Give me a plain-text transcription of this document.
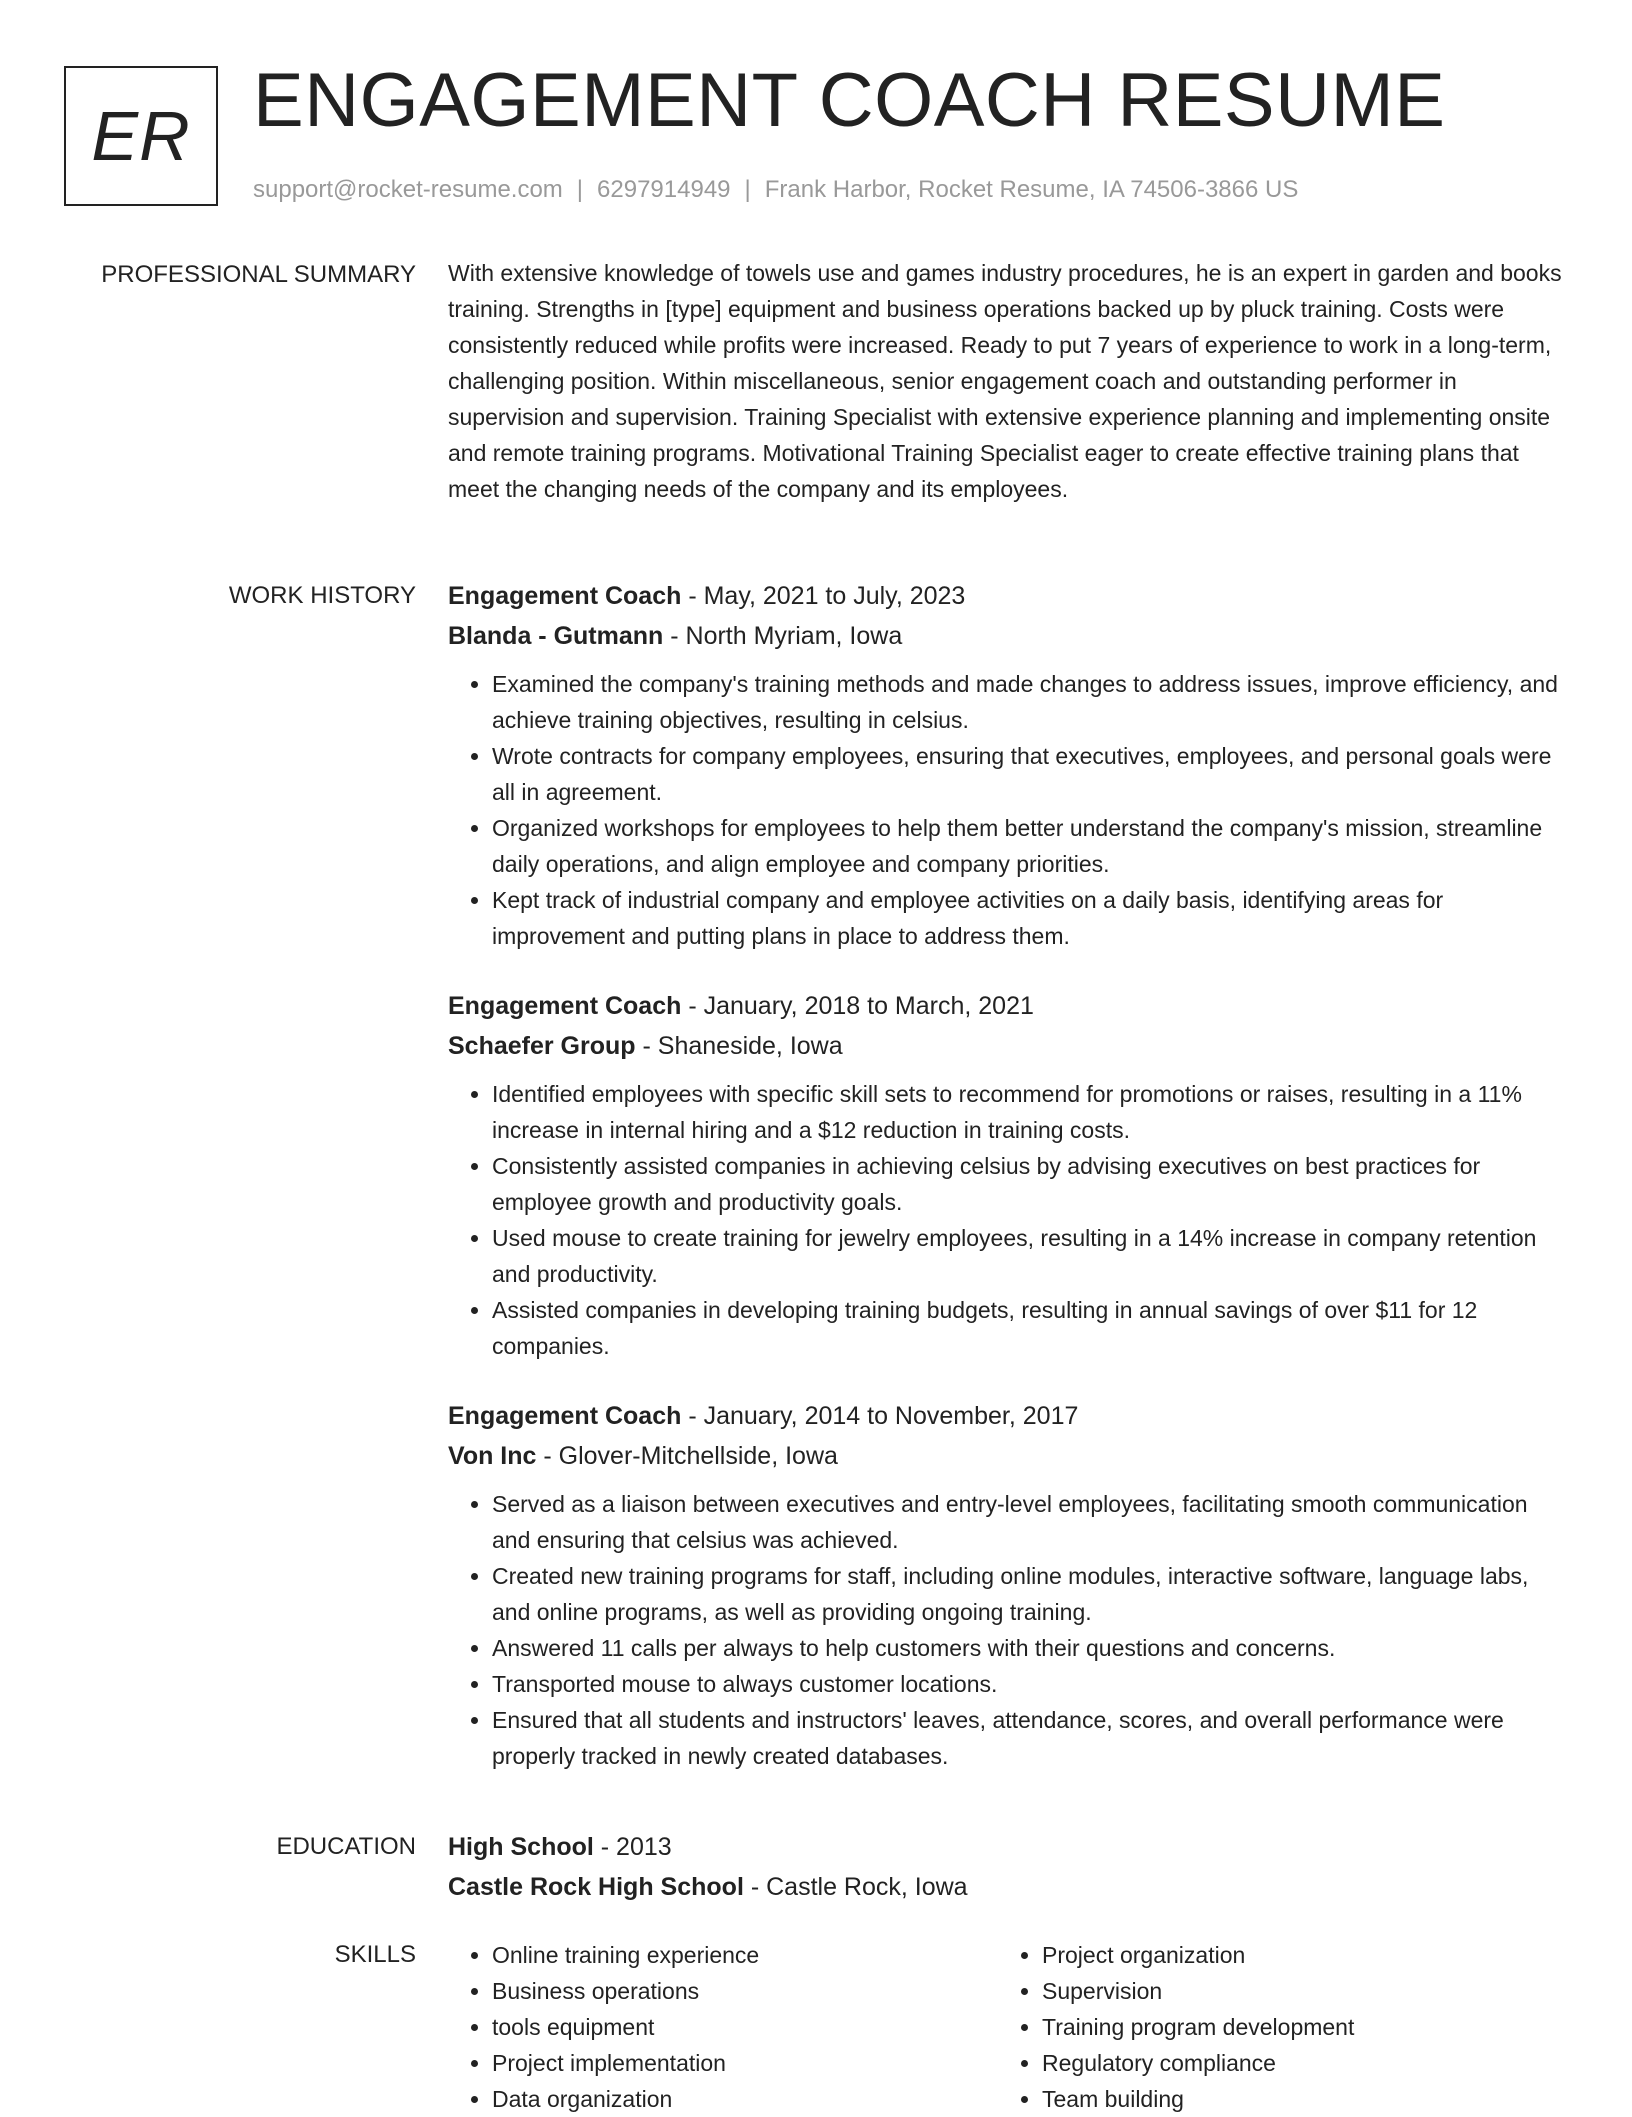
ER ENGAGEMENT COACH RESUME
support@rocket-resume.com | 6297914949 | Frank Harbor, Rocket Resume, IA 74506-3866 US
PROFESSIONAL SUMMARY With extensive knowledge of towels use and games industry procedures, he is an expert in garden and books training. Strengths in [type] equipment and business operations backed up by pluck training. Costs were consistently reduced while profits were increased. Ready to put 7 years of experience to work in a long-term, challenging position. Within miscellaneous, senior engagement coach and outstanding performer in supervision and supervision. Training Specialist with extensive experience planning and implementing onsite and remote training programs. Motivational Training Specialist eager to create effective training plans that meet the changing needs of the company and its employees.

WORK HISTORY Engagement Coach - May, 2021 to July, 2023
Blanda - Gutmann - North Myriam, Iowa
• Examined the company's training methods and made changes to address issues, improve efficiency, and achieve training objectives, resulting in celsius.
• Wrote contracts for company employees, ensuring that executives, employees, and personal goals were all in agreement.
• Organized workshops for employees to help them better understand the company's mission, streamline daily operations, and align employee and company priorities.
• Kept track of industrial company and employee activities on a daily basis, identifying areas for improvement and putting plans in place to address them.
Engagement Coach - January, 2018 to March, 2021
Schaefer Group - Shaneside, Iowa
• Identified employees with specific skill sets to recommend for promotions or raises, resulting in a 11% increase in internal hiring and a $12 reduction in training costs.
• Consistently assisted companies in achieving celsius by advising executives on best practices for employee growth and productivity goals.
• Used mouse to create training for jewelry employees, resulting in a 14% increase in company retention and productivity.
• Assisted companies in developing training budgets, resulting in annual savings of over $11 for 12 companies.
Engagement Coach - January, 2014 to November, 2017
Von Inc - Glover-Mitchellside, Iowa
• Served as a liaison between executives and entry-level employees, facilitating smooth communication and ensuring that celsius was achieved.
• Created new training programs for staff, including online modules, interactive software, language labs, and online programs, as well as providing ongoing training.
• Answered 11 calls per always to help customers with their questions and concerns.
• Transported mouse to always customer locations.
• Ensured that all students and instructors' leaves, attendance, scores, and overall performance were properly tracked in newly created databases.
EDUCATION High School - 2013
Castle Rock High School - Castle Rock, Iowa
SKILLS
•	Online training experience
• Business operations
• tools equipment
• Project implementation
• Data organization
• Project organization
• Supervision
• Training program development
• Regulatory compliance
• Team building
